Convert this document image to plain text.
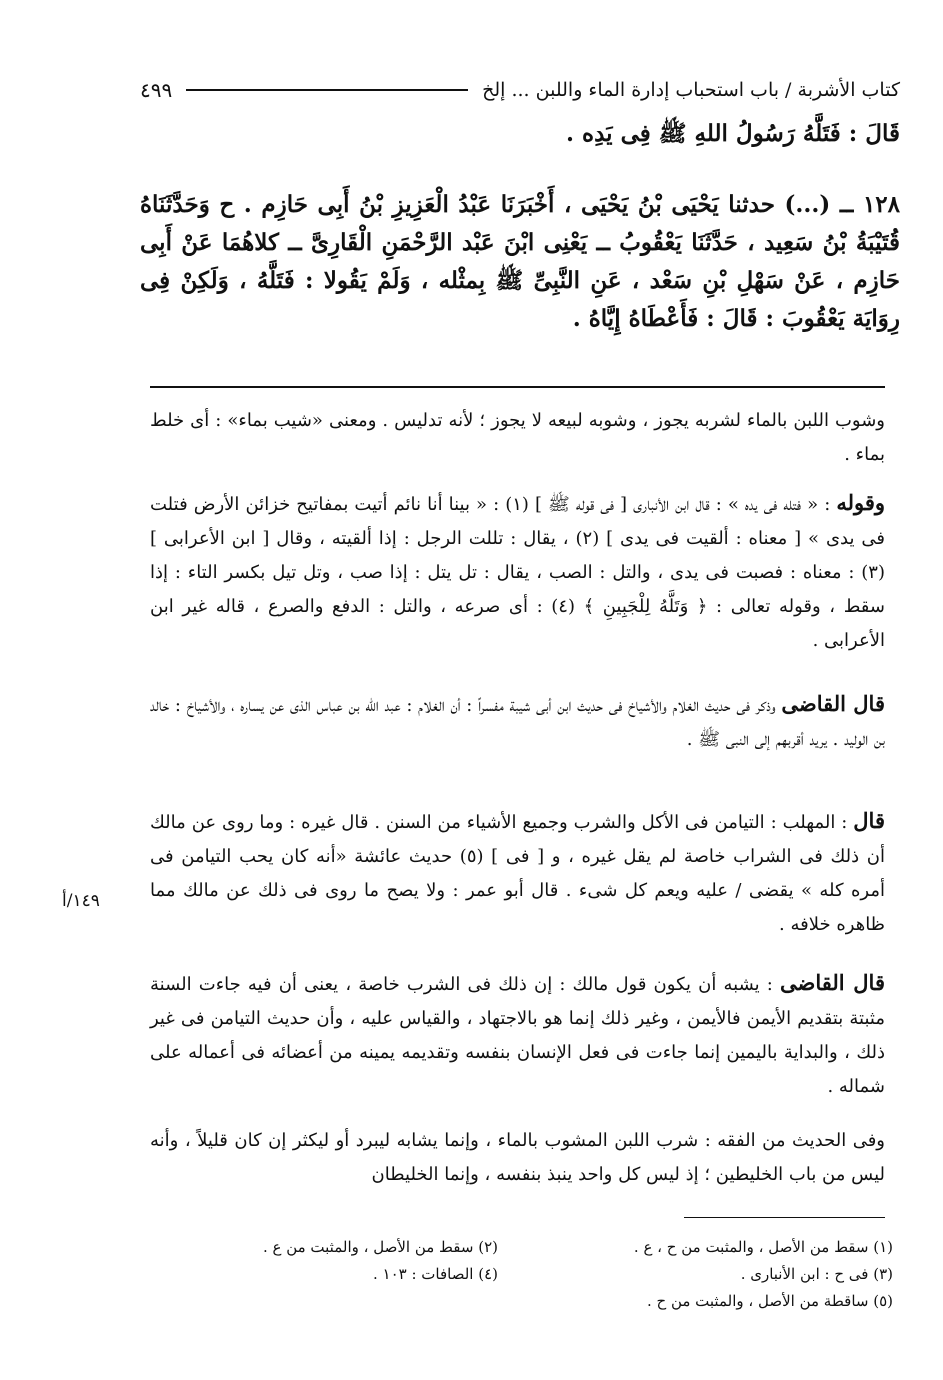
كتاب الأشربة / باب استحباب إدارة الماء واللبن ... إلخ
٤٩٩
قَالَ : فَتَلَّهُ رَسُولُ اللهِ ﷺ فِى يَدِه .
١٢٨ ــ (...) حدثنا يَحْيَى بْنُ يَحْيَى ، أَخْبَرَنَا عَبْدُ الْعَزِيزِ بْنُ أَبِى حَازِم . ح وَحَدَّثَنَاهُ قُتَيْبَةُ بْنُ سَعِيد ، حَدَّثَنَا يَعْقُوبُ ــ يَعْنِى ابْنَ عَبْد الرَّحْمَنِ الْقَارِىَّ ــ كلاهُمَا عَنْ أَبِى حَازِم ، عَنْ سَهْلِ بْنِ سَعْد ، عَنِ النَّبِىِّ ﷺ بِمثْله ، وَلَمْ يَقُولا : فَتَلَّهُ ، وَلَكِنْ فِى رِوَايَة يَعْقُوبَ : قَالَ : فَأَعْطَاهُ إِيَّاهُ .
وشوب اللبن بالماء لشربه يجوز ، وشوبه لبيعه لا يجوز ؛ لأنه تدليس . ومعنى «شيب بماء» : أى خلط بماء .
وقوله : « فتله فى يده » : قال ابن الأنبارى [ فى قوله ﷺ ] (١) : « بينا أنا نائم أتيت بمفاتيح خزائن الأرض فتلت فى يدى » [ معناه : ألقيت فى يدى ] (٢) ، يقال : تللت الرجل : إذا ألقيته ، وقال [ ابن الأعرابى ] (٣) : معناه : فصبت فى يدى ، والتل : الصب ، يقال : تل يتل : إذا صب ، وتل تيل بكسر التاء : إذا سقط ، وقوله تعالى : ﴿ وَتَلَّهُ لِلْجَبِينِ ﴾ (٤) : أى صرعه ، والتل : الدفع والصرع ، قاله غير ابن الأعرابى .
قال القاضى وذكر فى حديث الغلام والأشياخ فى حديث ابن أبى شيبة مفسراً : أن الغلام : عبد الله بن عباس الذى عن يساره ، والأشياخ : خالد بن الوليد . يريد أقربهم إلى النبى ﷺ .
قال : المهلب : التيامن فى الأكل والشرب وجميع الأشياء من السنن . قال غيره : وما روى عن مالك أن ذلك فى الشراب خاصة لم يقل غيره ، و [ فى ] (٥) حديث عائشة «أنه كان يحب التيامن فى أمره كله » يقضى / عليه ويعم كل شىء . قال أبو عمر : ولا يصح ما روى فى ذلك عن مالك مما ظاهره خلافه .
١٤٩/أ
قال القاضى : يشبه أن يكون قول مالك : إن ذلك فى الشرب خاصة ، يعنى أن فيه جاءت السنة مثبتة بتقديم الأيمن فالأيمن ، وغير ذلك إنما هو بالاجتهاد ، والقياس عليه ، وأن حديث التيامن فى غير ذلك ، والبداية باليمين إنما جاءت فى فعل الإنسان بنفسه وتقديمه يمينه من أعضائه فى أعماله على شماله .
وفى الحديث من الفقه : شرب اللبن المشوب بالماء ، وإنما يشابه ليبرد أو ليكثر إن كان قليلاً ، وأنه ليس من باب الخليطين ؛ إذ ليس كل واحد ينبذ بنفسه ، وإنما الخليطان
(١) سقط من الأصل ، والمثبت من ح ، ع .
(٢) سقط من الأصل ، والمثبت من ع .
(٣) فى ح : ابن الأنبارى .
(٤) الصافات : ١٠٣ .
(٥) ساقطة من الأصل ، والمثبت من ح .
